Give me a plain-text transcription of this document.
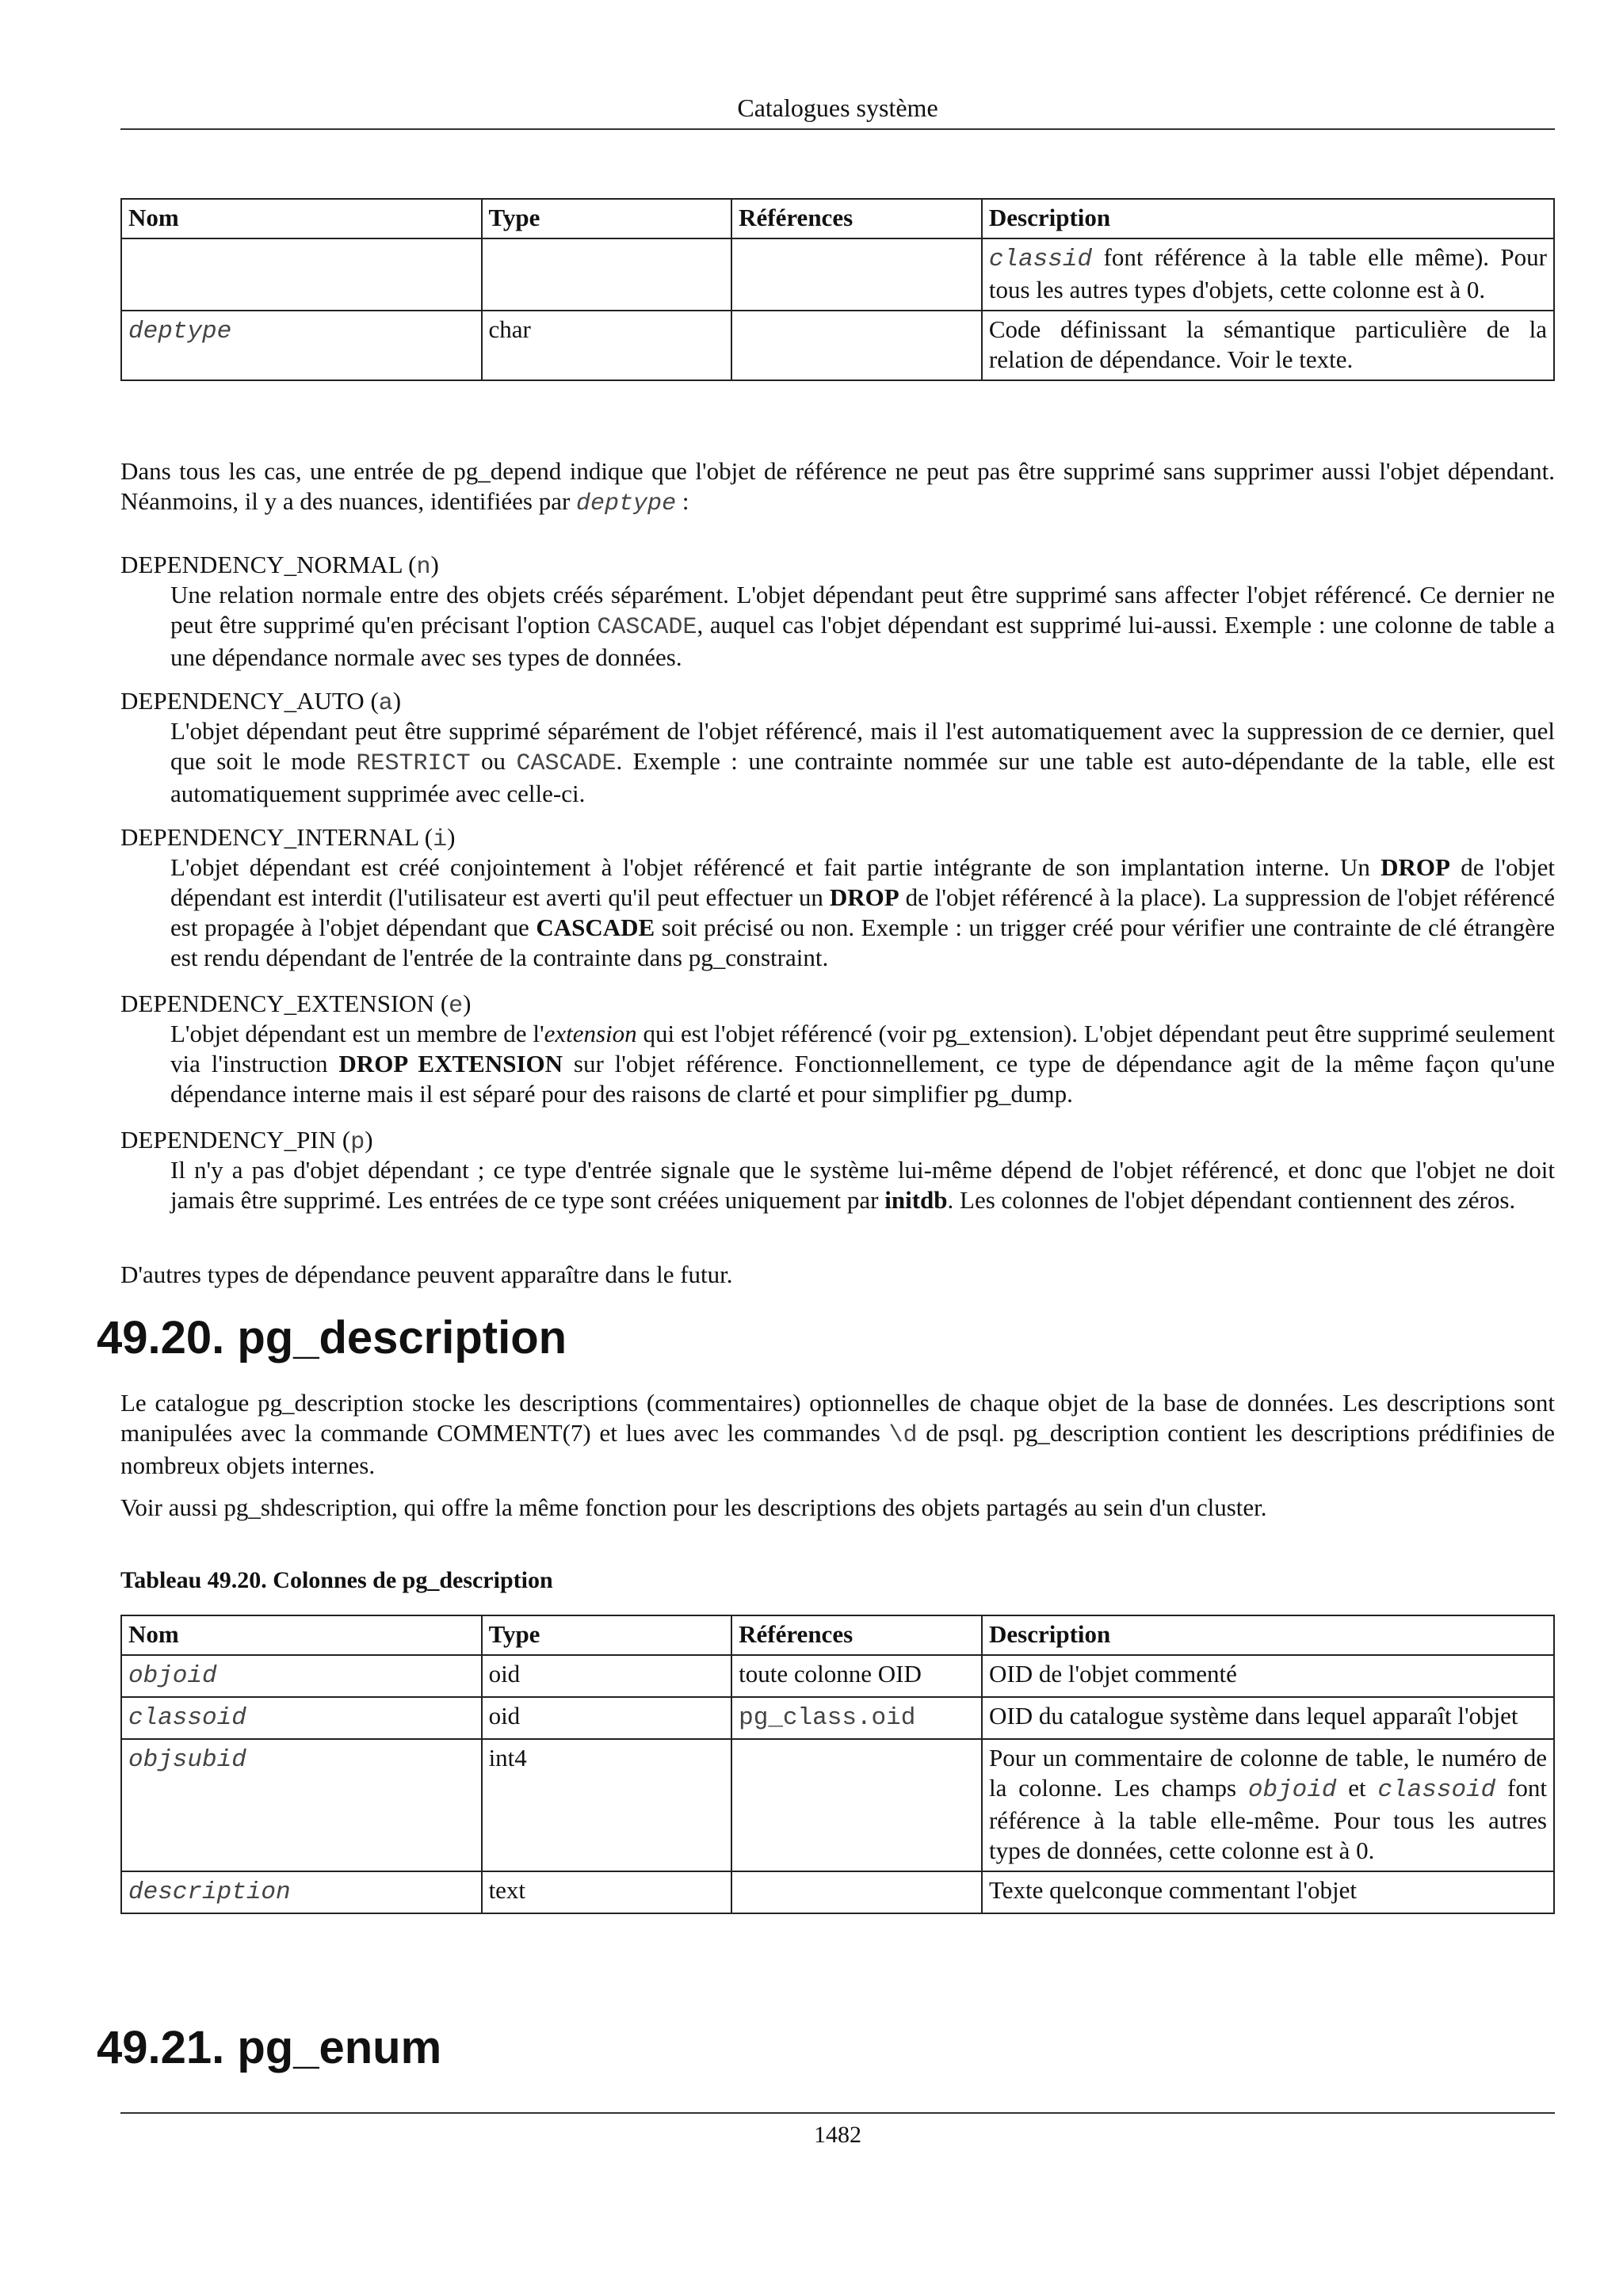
Catalogues système
Nom	Type	Références	Description
			classid font référence à la table elle même). Pour tous les autres types d'objets, cette colonne est à 0.
deptype	char		Code définissant la sémantique particulière de la relation de dépendance. Voir le texte.
Dans tous les cas, une entrée de pg_depend indique que l'objet de référence ne peut pas être supprimé sans supprimer aussi l'objet dépendant. Néanmoins, il y a des nuances, identifiées par deptype :
DEPENDENCY_NORMAL (n)
Une relation normale entre des objets créés séparément. L'objet dépendant peut être supprimé sans affecter l'objet référencé. Ce dernier ne peut être supprimé qu'en précisant l'option CASCADE, auquel cas l'objet dépendant est supprimé lui-aussi. Exemple : une colonne de table a une dépendance normale avec ses types de données.
DEPENDENCY_AUTO (a)
L'objet dépendant peut être supprimé séparément de l'objet référencé, mais il l'est automatiquement avec la suppression de ce dernier, quel que soit le mode RESTRICT ou CASCADE. Exemple : une contrainte nommée sur une table est auto-dépendante de la table, elle est automatiquement supprimée avec celle-ci.
DEPENDENCY_INTERNAL (i)
L'objet dépendant est créé conjointement à l'objet référencé et fait partie intégrante de son implantation interne. Un DROP de l'objet dépendant est interdit (l'utilisateur est averti qu'il peut effectuer un DROP de l'objet référencé à la place). La suppression de l'objet référencé est propagée à l'objet dépendant que CASCADE soit précisé ou non. Exemple : un trigger créé pour vérifier une contrainte de clé étrangère est rendu dépendant de l'entrée de la contrainte dans pg_constraint.
DEPENDENCY_EXTENSION (e)
L'objet dépendant est un membre de l'extension qui est l'objet référencé (voir pg_extension). L'objet dépendant peut être supprimé seulement via l'instruction DROP EXTENSION sur l'objet référence. Fonctionnellement, ce type de dépendance agit de la même façon qu'une dépendance interne mais il est séparé pour des raisons de clarté et pour simplifier pg_dump.
DEPENDENCY_PIN (p)
Il n'y a pas d'objet dépendant ; ce type d'entrée signale que le système lui-même dépend de l'objet référencé, et donc que l'objet ne doit jamais être supprimé. Les entrées de ce type sont créées uniquement par initdb. Les colonnes de l'objet dépendant contiennent des zéros.
D'autres types de dépendance peuvent apparaître dans le futur.
49.20. pg_description
Le catalogue pg_description stocke les descriptions (commentaires) optionnelles de chaque objet de la base de données. Les descriptions sont manipulées avec la commande COMMENT(7) et lues avec les commandes \d de psql. pg_description contient les descriptions prédifinies de nombreux objets internes.
Voir aussi pg_shdescription, qui offre la même fonction pour les descriptions des objets partagés au sein d'un cluster.
Tableau 49.20. Colonnes de pg_description
Nom	Type	Références	Description
objoid	oid	toute colonne OID	OID de l'objet commenté
classoid	oid	pg_class.oid	OID du catalogue système dans lequel apparaît l'objet
objsubid	int4		Pour un commentaire de colonne de table, le numéro de la colonne. Les champs objoid et classoid font référence à la table elle-même. Pour tous les autres types de données, cette colonne est à 0.
description	text		Texte quelconque commentant l'objet
49.21. pg_enum
1482
